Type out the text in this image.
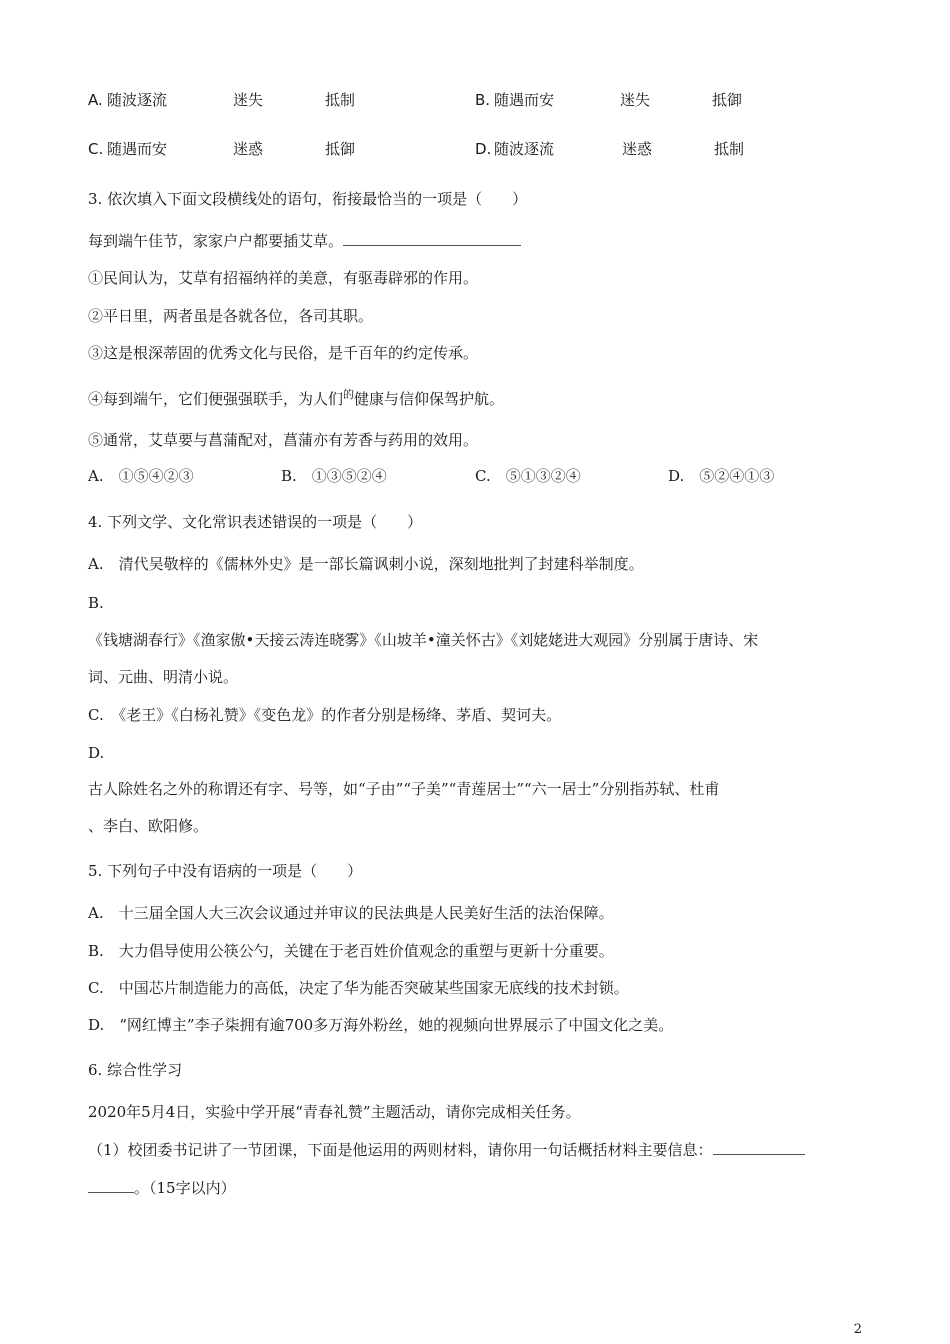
A. 随波逐流	迷失	抵制	B. 随遇而安	迷失	抵御
C. 随遇而安	迷惑	抵御	D. 随波逐流	迷惑	抵制
3. 依次填入下面文段横线处的语句，衔接最恰当的一项是（　　）
每到端午佳节，家家户户都要插艾草。
①民间认为，艾草有招福纳祥的美意，有驱毒辟邪的作用。
②平日里，两者虽是各就各位，各司其职。
③这是根深蒂固的优秀文化与民俗，是千百年的约定传承。
④每到端午，它们便强强联手，为人们$^的$健康与信仰保驾护航。
⑤通常，艾草要与菖蒲配对，菖蒲亦有芳香与药用的效用。
A.　①⑤④②③	B.　①③⑤②④	C.　⑤①③②④	D.　⑤②④①③
4. 下列文学、文化常识表述错误的一项是（　　）
A.　清代吴敬梓的《儒林外史》是一部长篇讽刺小说，深刻地批判了封建科举制度。
B.
《钱塘湖春行》《渔家傲•天接云涛连晓雾》《山坡羊•潼关怀古》《刘姥姥进大观园》分别属于唐诗、宋
词、元曲、明清小说。
C.　《老王》《白杨礼赞》《变色龙》的作者分别是杨绛、茅盾、契诃夫。
D.
古人除姓名之外的称谓还有字、号等，如“子由”“子美”“青莲居士”“六一居士”分别指苏轼、杜甫
、李白、欧阳修。
5. 下列句子中没有语病的一项是（　　）
A.　十三届全国人大三次会议通过并审议的民法典是人民美好生活的法治保障。
B.　大力倡导使用公筷公勺，关键在于老百姓价值观念的重塑与更新十分重要。
C.　中国芯片制造能力的高低，决定了华为能否突破某些国家无底线的技术封锁。
D.　“网红博主”李子柒拥有逾700多万海外粉丝，她的视频向世界展示了中国文化之美。
6. 综合性学习
2020年5月4日，实验中学开展“青春礼赞”主题活动，请你完成相关任务。
（1）校团委书记讲了一节团课，下面是他运用的两则材料，请你用一句话概括材料主要信息：
。（15字以内）
2
